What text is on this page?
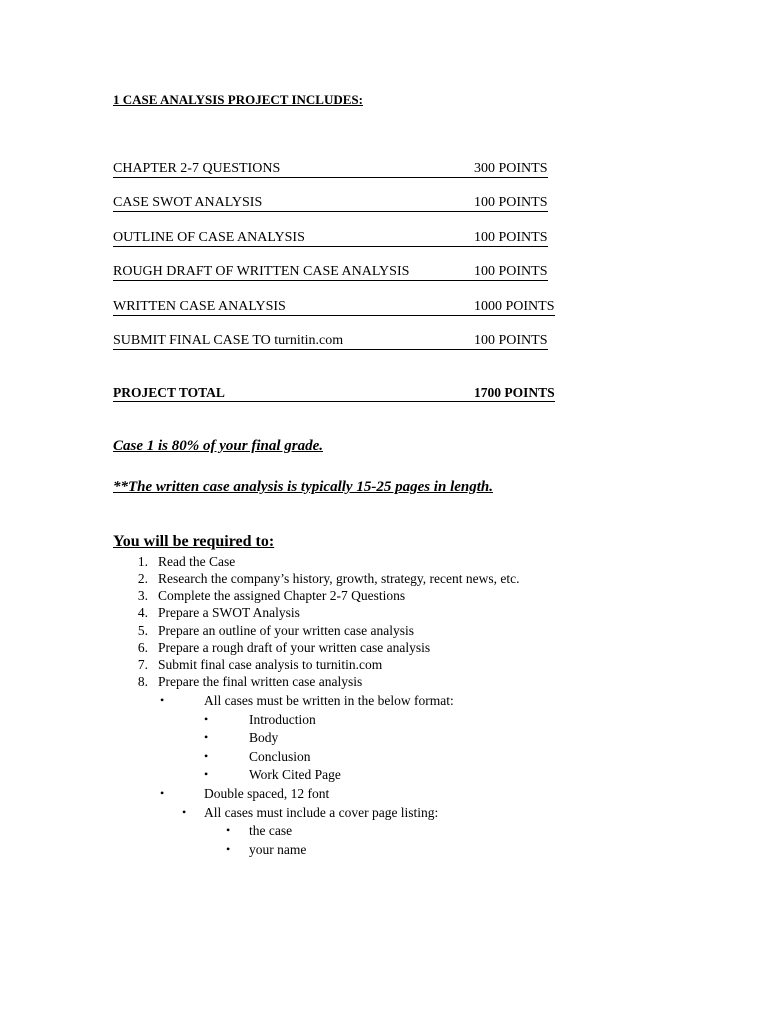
1 CASE ANALYSIS PROJECT INCLUDES:
CHAPTER 2-7 QUESTIONS	300 POINTS
CASE SWOT ANALYSIS	100 POINTS
OUTLINE OF CASE ANALYSIS	100 POINTS
ROUGH DRAFT OF WRITTEN CASE ANALYSIS	100 POINTS
WRITTEN CASE ANALYSIS	1000 POINTS
SUBMIT FINAL CASE TO turnitin.com	100 POINTS
PROJECT TOTAL	1700 POINTS
Case 1 is 80% of your final grade.
**The written case analysis is typically 15-25 pages in length.
You will be required to:
1. Read the Case
2. Research the company’s history, growth, strategy, recent news, etc.
3. Complete the assigned Chapter 2-7 Questions
4. Prepare a SWOT Analysis
5. Prepare an outline of your written case analysis
6. Prepare a rough draft of your written case analysis
7. Submit final case analysis to turnitin.com
8. Prepare the final written case analysis
•	All cases must be written in the below format:
•	Introduction
•	Body
•	Conclusion
•	Work Cited Page
•	Double spaced, 12 font
• All cases must include a cover page listing:
• the case
• your name
